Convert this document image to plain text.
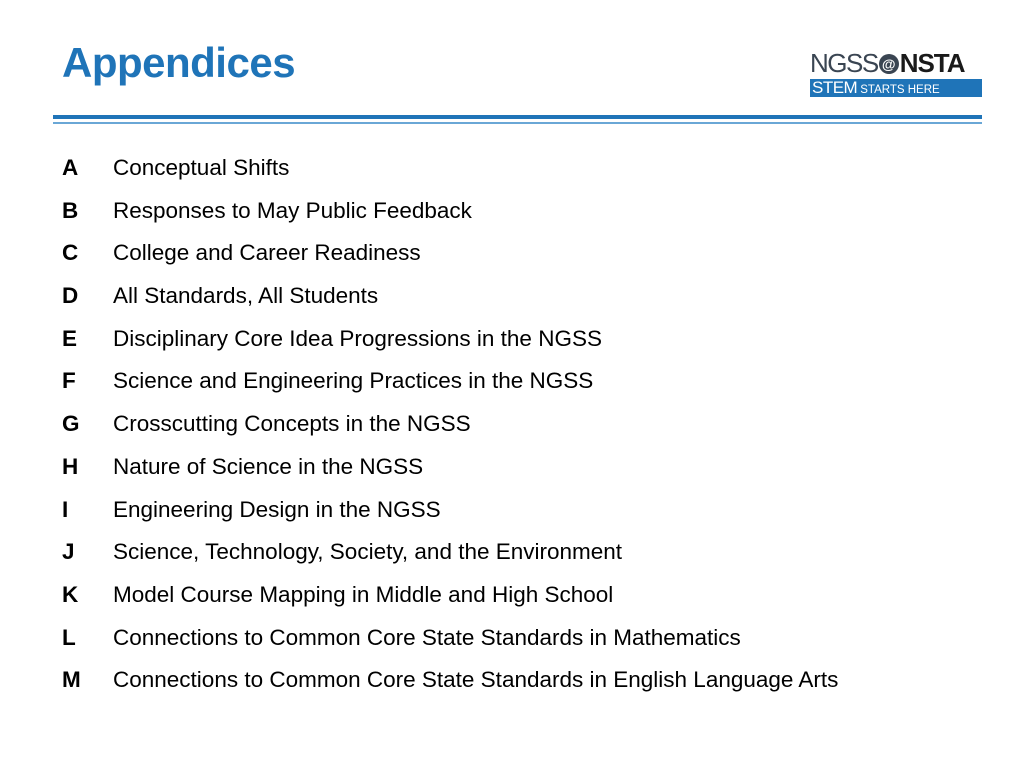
Appendices	NGSS @ NSTA
STEM STARTS HERE
A	Conceptual Shifts
B	Responses to May Public Feedback
C	College and Career Readiness
D	All Standards, All Students
E	Disciplinary Core Idea Progressions in the NGSS
F	Science and Engineering Practices in the NGSS
G	Crosscutting Concepts in the NGSS
H	Nature of Science in the NGSS
I	Engineering Design in the NGSS
J	Science, Technology, Society, and the Environment
K	Model Course Mapping in Middle and High School
L	Connections to Common Core State Standards in Mathematics
M	Connections to Common Core State Standards in English Language Arts
